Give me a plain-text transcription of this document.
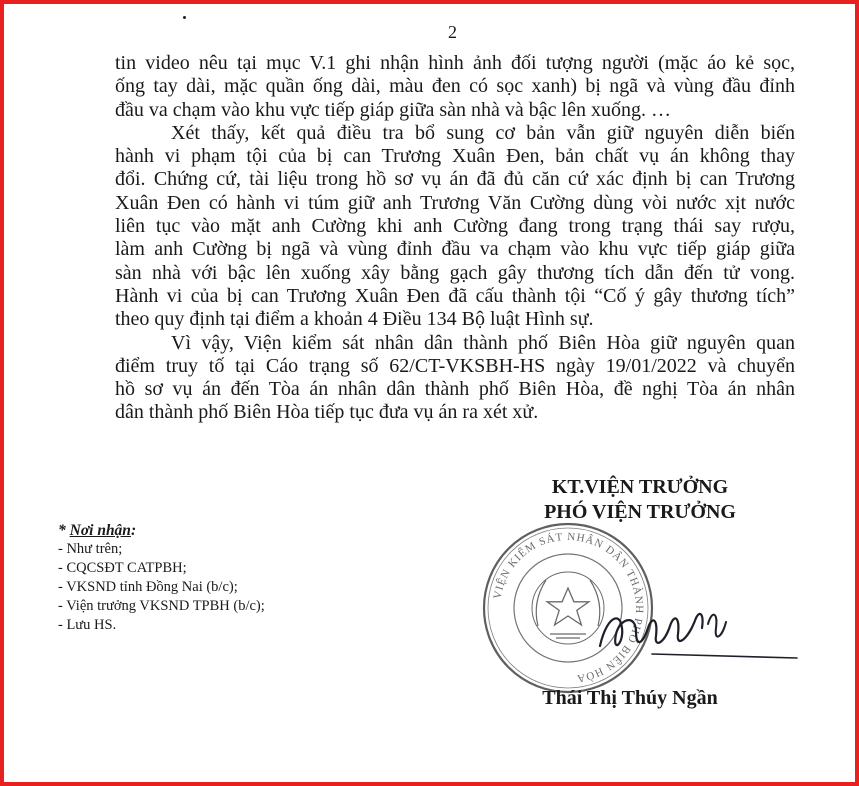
2

tin video nêu tại mục V.1 ghi nhận hình ảnh đối tượng người (mặc áo kẻ sọc,

ống tay dài, mặc quần ống dài, màu đen có sọc xanh) bị ngã và vùng đầu đỉnh

đầu va chạm vào khu vực tiếp giáp giữa sàn nhà và bậc lên xuống. …

Xét thấy, kết quả điều tra bổ sung cơ bản vẫn giữ nguyên diễn biến

hành vi phạm tội của bị can Trương Xuân Đen, bản chất vụ án không thay

đổi. Chứng cứ, tài liệu trong hồ sơ vụ án đã đủ căn cứ xác định bị can Trương

Xuân Đen có hành vi túm giữ anh Trương Văn Cường dùng vòi nước xịt nước

liên tục vào mặt anh Cường khi anh Cường đang trong trạng thái say rượu,

làm anh Cường bị ngã và vùng đỉnh đầu va chạm vào khu vực tiếp giáp giữa

sàn nhà với bậc lên xuống xây bằng gạch gây thương tích dẫn đến tử vong.

Hành vi của bị can Trương Xuân Đen đã cấu thành tội “Cố ý gây thương tích”

theo quy định tại điểm a khoản 4 Điều 134 Bộ luật Hình sự.

Vì vậy, Viện kiểm sát nhân dân thành phố Biên Hòa giữ nguyên quan

điểm truy tố tại Cáo trạng số 62/CT-VKSBH-HS ngày 19/01/2022 và chuyển

hồ sơ vụ án đến Tòa án nhân dân thành phố Biên Hòa, đề nghị Tòa án nhân

dân thành phố Biên Hòa tiếp tục đưa vụ án ra xét xử.

KT.VIỆN TRƯỞNG
PHÓ VIỆN TRƯỞNG
* Nơi nhận:
- Như trên;
- CQCSĐT CATPBH;
- VKSND tỉnh Đồng Nai (b/c);
- Viện trưởng VKSND TPBH (b/c);
- Lưu HS.
VIỆN KIỂM SÁT NHÂN DÂN THÀNH PHỐ BIÊN HÒA
Thái Thị Thúy Ngần
